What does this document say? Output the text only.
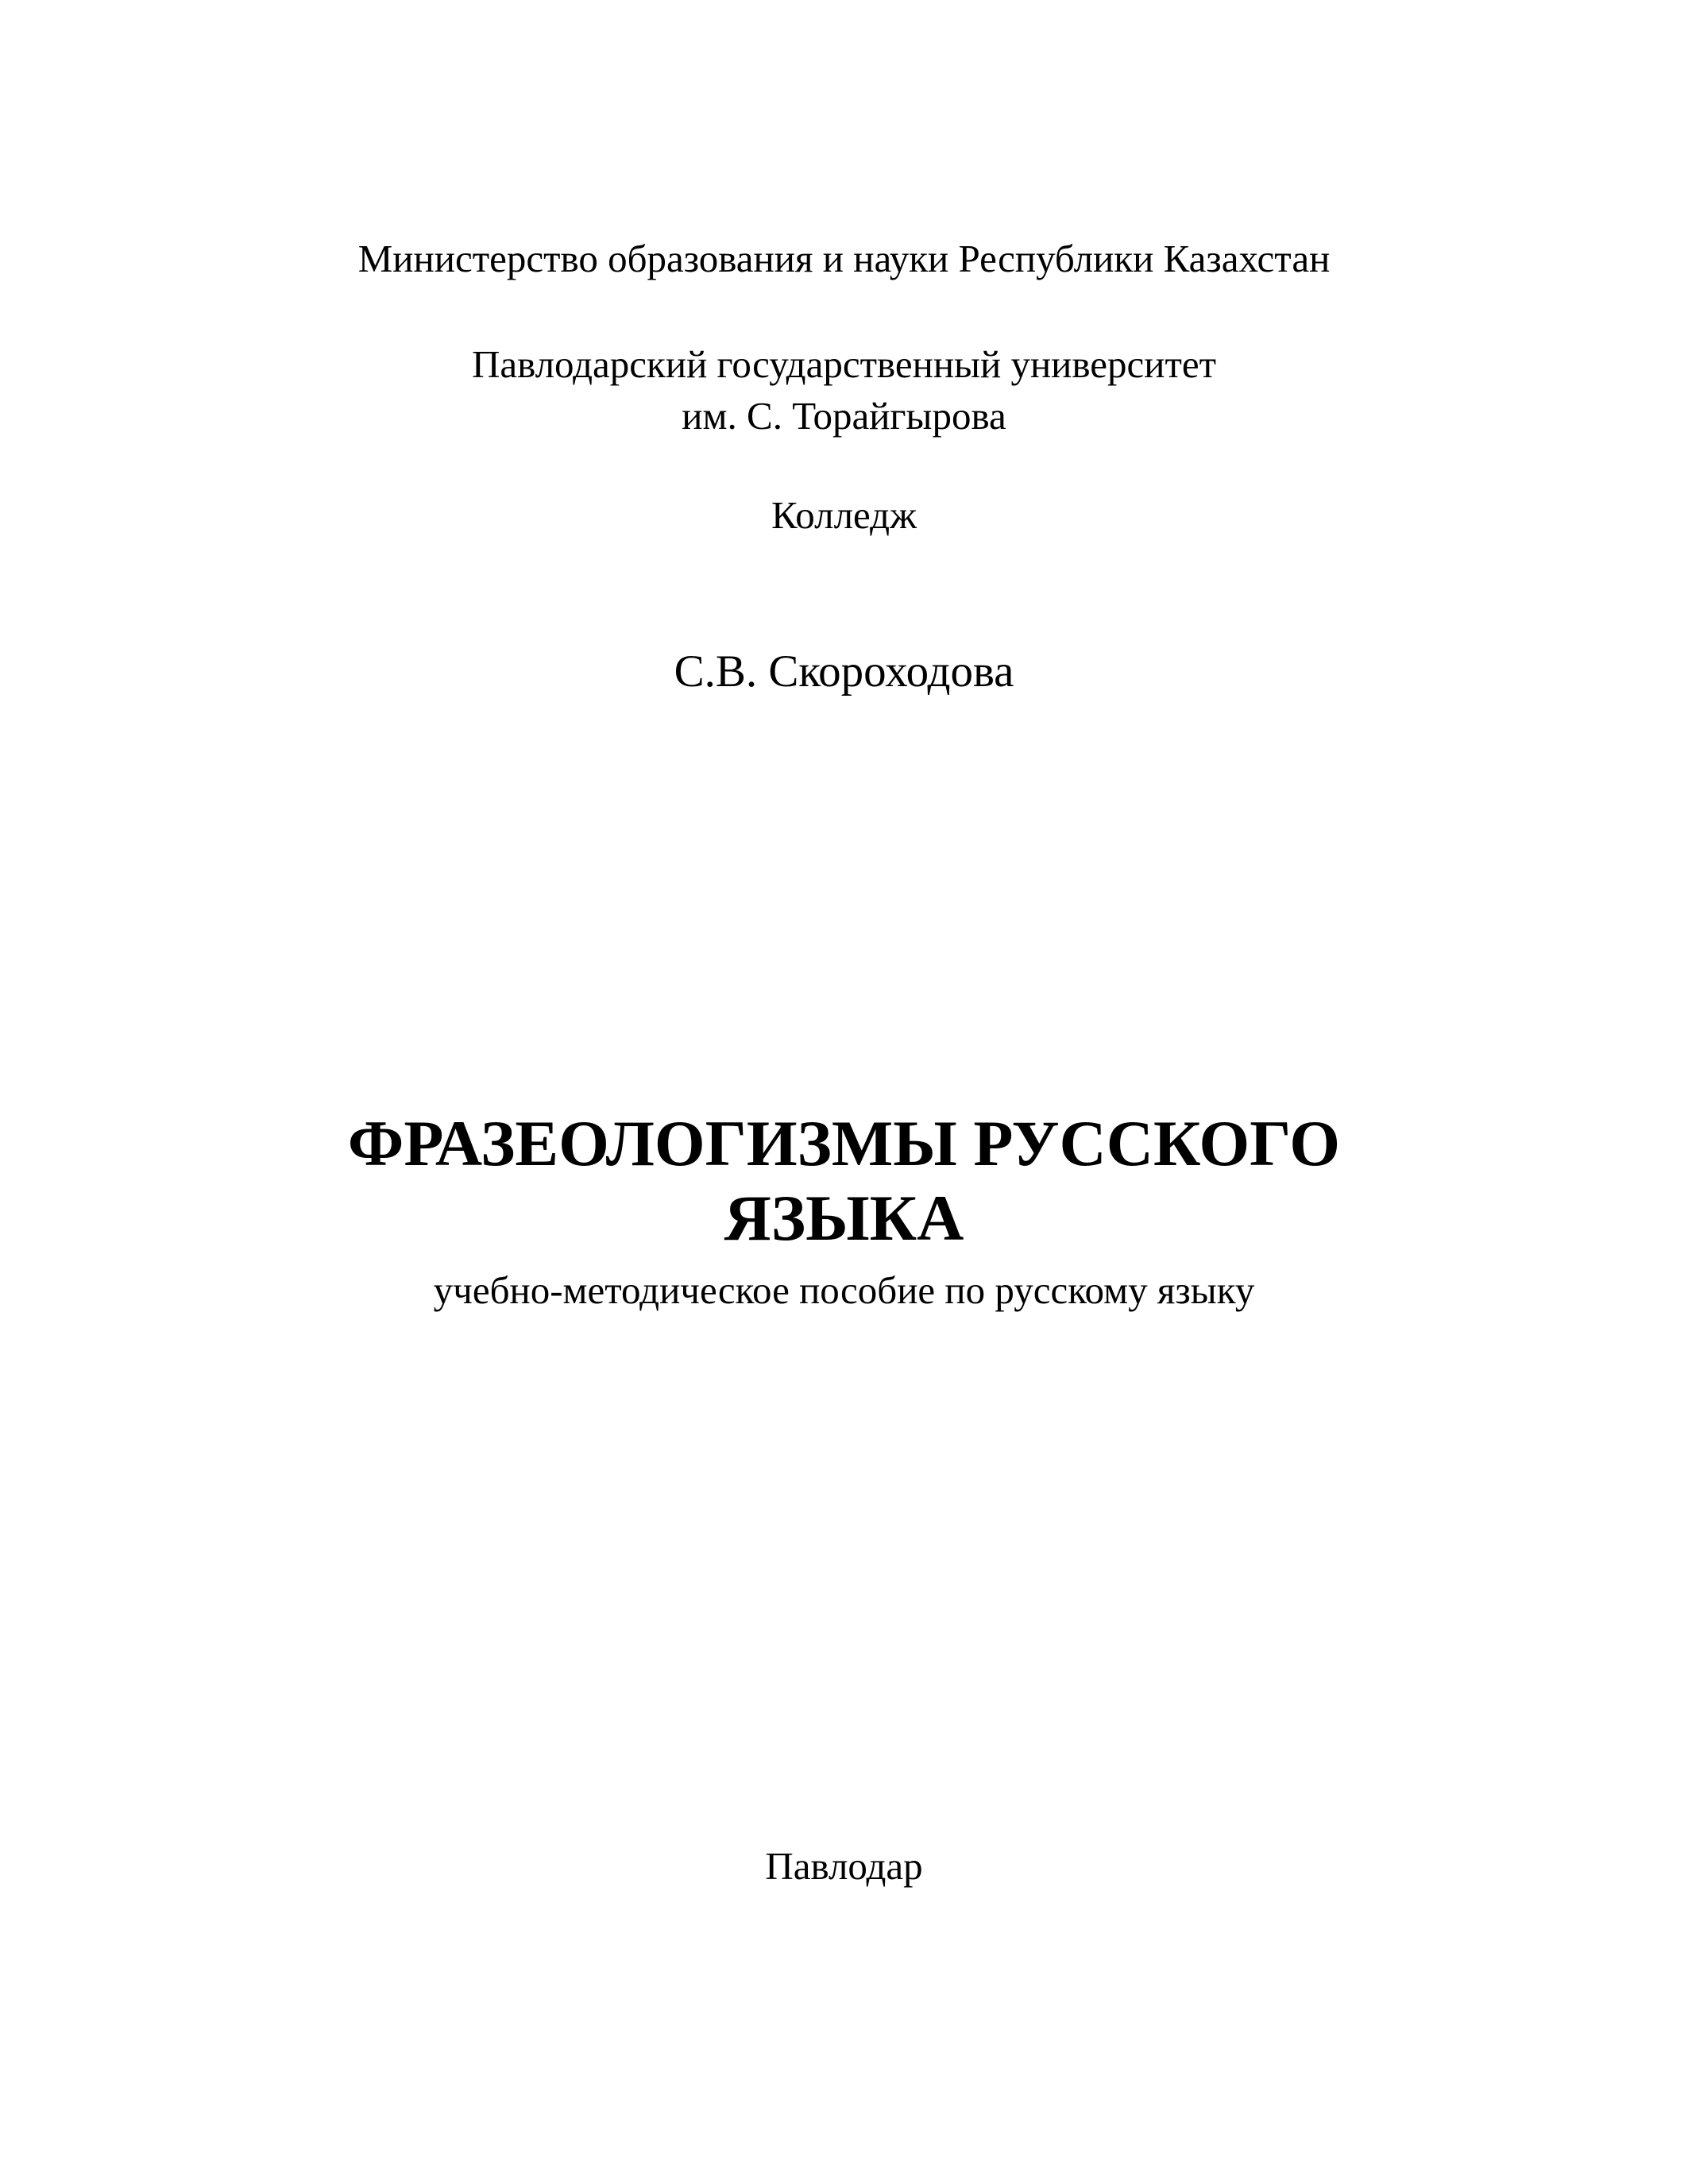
Министерство образования и науки Республики Казахстан

Павлодарский государственный университет

им. С. Торайгырова

Колледж

С.В. Скороходова

ФРАЗЕОЛОГИЗМЫ РУССКОГО

ЯЗЫКА

учебно-методическое пособие по русскому языку

Павлодар
